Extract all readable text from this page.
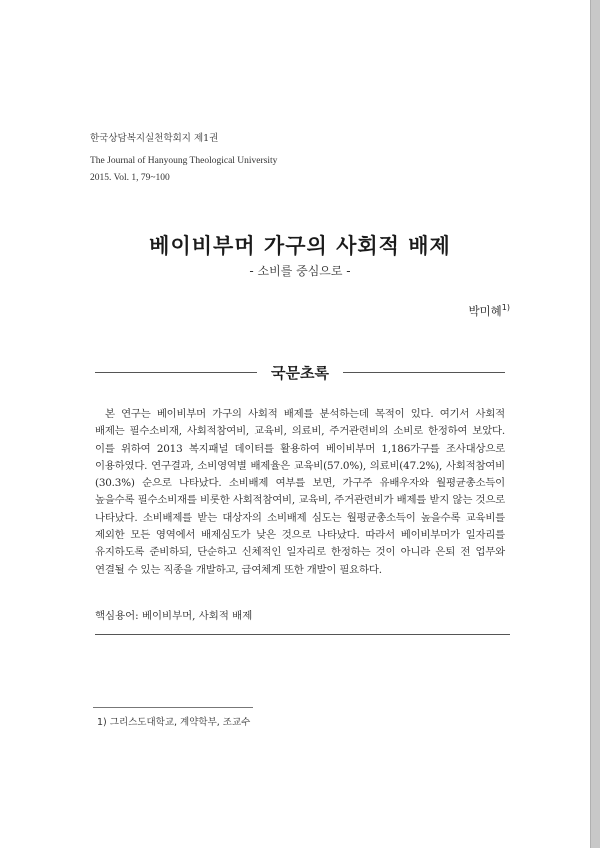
한국상담복지실천학회지 제1권
The Journal of Hanyoung Theological University
2015. Vol. 1, 79~100
베이비부머 가구의 사회적 배제
- 소비를 중심으로 -
박미혜$^{1)}$
국문초록
본 연구는 베이비부머 가구의 사회적 배제를 분석하는데 목적이 있다. 여기서 사회적 배제는 필수소비재, 사회적참여비, 교육비, 의료비, 주거관련비의 소비로 한정하여 보았다. 이를 위하여 2013 복지패널 데이터를 활용하여 베이비부머 1,186가구를 조사대상으로 이용하였다. 연구결과, 소비영역별 배제율은 교육비(57.0%), 의료비(47.2%), 사회적참여비(30.3%) 순으로 나타났다. 소비배제 여부를 보면, 가구주 유배우자와 월평균총소득이 높을수록 필수소비재를 비롯한 사회적참여비, 교육비, 주거관련비가 배제를 받지 않는 것으로 나타났다. 소비배제를 받는 대상자의 소비배제 심도는 월평균총소득이 높을수록 교육비를 제외한 모든 영역에서 배제심도가 낮은 것으로 나타났다. 따라서 베이비부머가 일자리를 유지하도록 준비하되, 단순하고 신체적인 일자리로 한정하는 것이 아니라 은퇴 전 업무와 연결될 수 있는 직종을 개발하고, 급여체계 또한 개발이 필요하다.
핵심용어: 베이비부머, 사회적 배제
1) 그리스도대학교, 계약학부, 조교수
